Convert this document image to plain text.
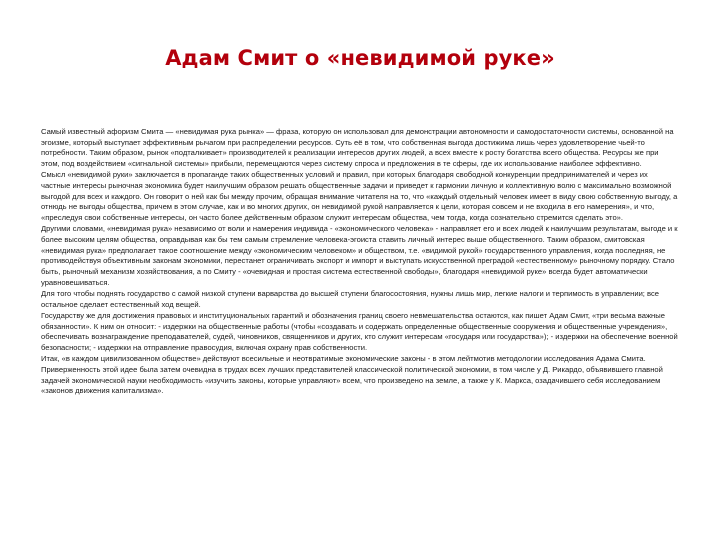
Адам Смит о «невидимой руке»

Самый известный афоризм Смита — «невидимая рука рынка» — фраза, которую он использовал для демонстрации автономности и самодостаточности системы, основанной на эгоизме, который выступает эффективным рычагом при распределении ресурсов. Суть её в том, что собственная выгода достижима лишь через удовлетворение чьей-то потребности. Таким образом, рынок «подталкивает» производителей к реализации интересов других людей, а всех вместе к росту богатства всего общества. Ресурсы же при этом, под воздействием «сигнальной системы» прибыли, перемещаются через систему спроса и предложения в те сферы, где их использование наиболее эффективно.

Смысл «невидимой руки» заключается в пропаганде таких общественных условий и правил, при которых благодаря свободной конкуренции предпринимателей и через их частные интересы рыночная экономика будет наилучшим образом решать общественные задачи и приведет к гармонии личную и коллективную волю с максимально возможной выгодой для всех и каждого. Он говорит о ней как бы между прочим, обращая внимание читателя на то, что «каждый отдельный человек имеет в виду свою собственную выгоду, а отнюдь не выгоды общества, причем в этом случае, как и во многих других, он невидимой рукой направляется к цели, которая совсем и не входила в его намерения», и что, «преследуя свои собственные интересы, он часто более действенным образом служит интересам общества, чем тогда, когда сознательно стремится сделать это».

Другими словами, «невидимая рука» независимо от воли и намерения индивида - «экономического человека» - направляет его и всех людей к наилучшим результатам, выгоде и к более высоким целям общества, оправдывая как бы тем самым стремление человека-эгоиста ставить личный интерес выше общественного. Таким образом, смитовская «невидимая рука» предполагает такое соотношение между «экономическим человеком» и обществом, т.е. «видимой рукой» государственного управления, когда последняя, не противодействуя объективным законам экономики, перестанет ограничивать экспорт и импорт и выступать искусственной преградой «естественному» рыночному порядку. Стало быть, рыночный механизм хозяйствования, а по Смиту - «очевидная и простая система естественной свободы», благодаря «невидимой руке» всегда будет автоматически уравновешиваться.

Для того чтобы поднять государство с самой низкой ступени варварства до высшей ступени благосостояния, нужны лишь мир, легкие налоги и терпимость в управлении; все остальное сделает естественный ход вещей.

Государству же для достижения правовых и институциональных гарантий и обозначения границ своего невмешательства остаются, как пишет Адам Смит, «три весьма важные обязанности». К ним он относит: - издержки на общественные работы (чтобы «создавать и содержать определенные общественные сооружения и общественные учреждения», обеспечивать вознаграждение преподавателей, судей, чиновников, священников и других, кто служит интересам «государя или государства»); - издержки на обеспечение военной безопасности; - издержки на отправление правосудия, включая охрану прав собственности.

Итак, «в каждом цивилизованном обществе» действуют всесильные и неотвратимые экономические законы - в этом лейтмотив методологии исследования Адама Смита. Приверженность этой идее была затем очевидна в трудах всех лучших представителей классической политической экономии, в том числе у Д. Рикардо, объявившего главной задачей экономической науки необходимость «изучить законы, которые управляют» всем, что произведено на земле, а также у К. Маркса, озадачившего себя исследованием «законов движения капитализма».
